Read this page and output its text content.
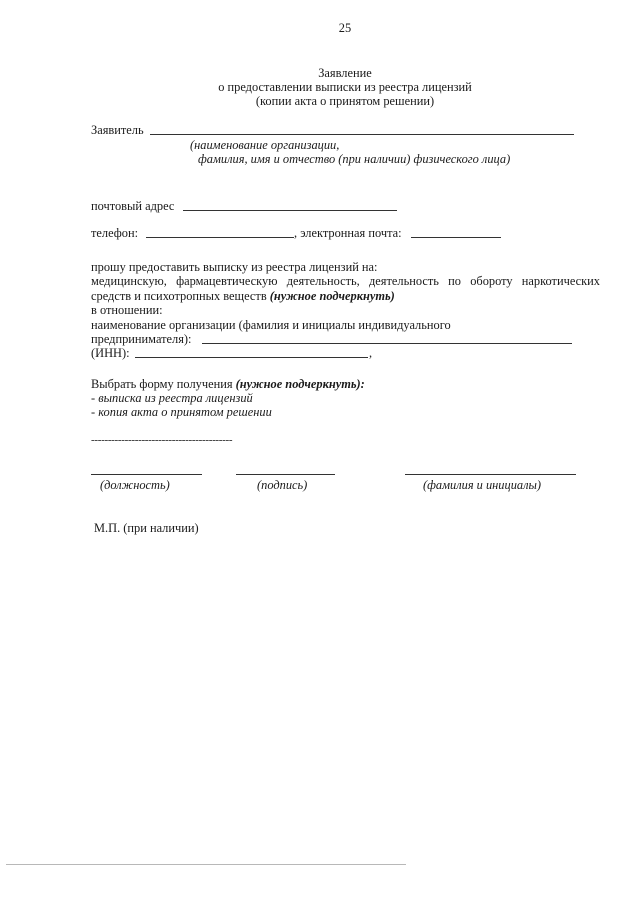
25
Заявление
о предоставлении выписки из реестра лицензий
(копии акта о принятом решении)
Заявитель
(наименование организации,
фамилия, имя и отчество (при наличии) физического лица)
почтовый адрес
телефон:	, электронная почта:
прошу предоставить выписку из реестра лицензий на:
медицинскую, фармацевтическую деятельность, деятельность по обороту наркотических
средств и психотропных веществ (нужное подчеркнуть)
в отношении:
наименование организации (фамилия и инициалы индивидуального
предпринимателя):
(ИНН):	,
Выбрать форму получения (нужное подчеркнуть):
- выписка из реестра лицензий
- копия акта о принятом решении
------------------------------------------
(должность)	(подпись)	(фамилия и инициалы)
М.П. (при наличии)
